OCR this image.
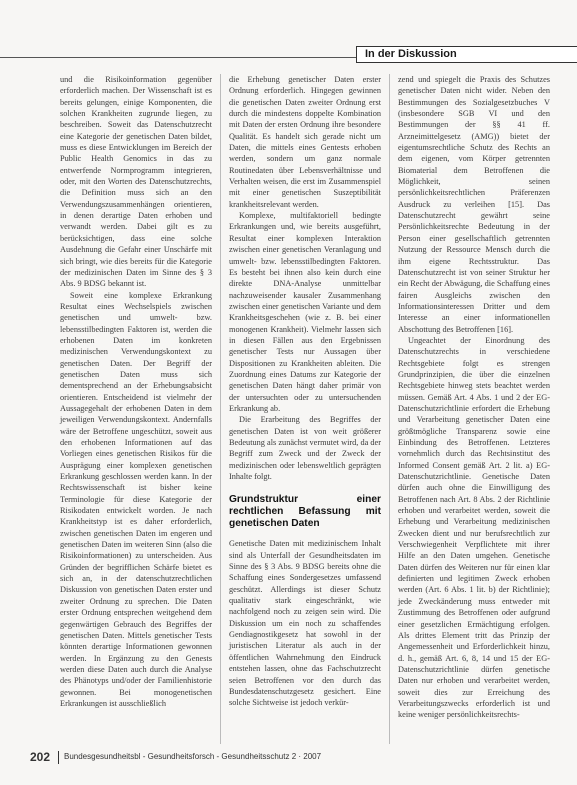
In der Diskussion

und die Risikoinformation gegenüber erforderlich machen. Der Wissenschaft ist es bereits gelungen, einige Komponenten, die solchen Krankheiten zugrunde liegen, zu beschreiben. Soweit das Datenschutzrecht eine Kategorie der genetischen Daten bildet, muss es diese Entwicklungen im Bereich der Public Health Genomics in das zu entwerfende Normprogramm integrieren, oder, mit den Worten des Datenschutzrechts, die Definition muss sich an den Verwendungszusammenhängen orientieren, in denen derartige Daten erhoben und verwandt werden. Dabei gilt es zu berücksichtigen, dass eine solche Ausdehnung die Gefahr einer Unschärfe mit sich bringt, wie dies bereits für die Kategorie der medizinischen Daten im Sinne des § 3 Abs. 9 BDSG bekannt ist.

Soweit eine komplexe Erkrankung Resultat eines Wechselspiels zwischen genetischen und umwelt- bzw. lebensstilbedingten Faktoren ist, werden die erhobenen Daten im konkreten medizinischen Verwendungskontext zu genetischen Daten. Der Begriff der genetischen Daten muss sich dementsprechend an der Erhebungsabsicht orientieren. Entscheidend ist vielmehr der Aussagegehalt der erhobenen Daten in dem jeweiligen Verwendungskontext. Andernfalls wäre der Betroffene ungeschützt, soweit aus den erhobenen Informationen auf das Vorliegen eines genetischen Risikos für die Ausprägung einer komplexen genetischen Erkrankung geschlossen werden kann. In der Rechtswissenschaft ist bisher keine Terminologie für diese Kategorie der Risikodaten entwickelt worden. Je nach Krankheitstyp ist es daher erforderlich, zwischen genetischen Daten im engeren und genetischen Daten im weiteren Sinn (also die Risikoinformationen) zu unterscheiden. Aus Gründen der begrifflichen Schärfe bietet es sich an, in der datenschutzrechtlichen Diskussion von genetischen Daten erster und zweiter Ordnung zu sprechen. Die Daten erster Ordnung entsprechen weitgehend dem gegenwärtigen Gebrauch des Begriffes der genetischen Daten. Mittels genetischer Tests könnten derartige Informationen gewonnen werden. In Ergänzung zu den Genests werden diese Daten auch durch die Analyse des Phänotyps und/oder der Familienhistorie gewonnen. Bei monogenetischen Erkrankungen ist ausschließlich

die Erhebung genetischer Daten erster Ordnung erforderlich. Hingegen gewinnen die genetischen Daten zweiter Ordnung erst durch die mindestens doppelte Kombination mit Daten der ersten Ordnung ihre besondere Qualität. Es handelt sich gerade nicht um Daten, die mittels eines Gentests erhoben werden, sondern um ganz normale Routinedaten über Lebensverhältnisse und Verhalten weisen, die erst im Zusammenspiel mit einer genetischen Suszeptibilität krankheitsrelevant werden.

Komplexe, multifaktoriell bedingte Erkrankungen und, wie bereits ausgeführt, Resultat einer komplexen Interaktion zwischen einer genetischen Veranlagung und umwelt- bzw. lebensstilbedingten Faktoren. Es besteht bei ihnen also kein durch eine direkte DNA-Analyse unmittelbar nachzuweisender kausaler Zusammenhang zwischen einer genetischen Variante und dem Krankheitsgeschehen (wie z. B. bei einer monogenen Krankheit). Vielmehr lassen sich in diesen Fällen aus den Ergebnissen genetischer Tests nur Aussagen über Dispositionen zu Krankheiten ableiten. Die Zuordnung eines Datums zur Kategorie der genetischen Daten hängt daher primär von der untersuchten oder zu untersuchenden Erkrankung ab.

Die Erarbeitung des Begriffes der genetischen Daten ist von weit größerer Bedeutung als zunächst vermutet wird, da der Begriff zum Zweck und der Zweck der medizinischen oder lebensweltlich geprägten Inhalte folgt.

Grundstruktur einer rechtlichen Befassung mit genetischen Daten

Genetische Daten mit medizinischem Inhalt sind als Unterfall der Gesundheitsdaten im Sinne des § 3 Abs. 9 BDSG bereits ohne die Schaffung eines Sondergesetzes umfassend geschützt. Allerdings ist dieser Schutz qualitativ stark eingeschränkt, wie nachfolgend noch zu zeigen sein wird. Die Diskussion um ein noch zu schaffendes Gendiagnostikgesetz hat sowohl in der juristischen Literatur als auch in der öffentlichen Wahrnehmung den Eindruck entstehen lassen, ohne das Fachschutzrecht seien Betroffenen vor den durch das Bundesdatenschutzgesetz gesichert. Eine solche Sichtweise ist jedoch verkür-

zend und spiegelt die Praxis des Schutzes genetischer Daten nicht wider. Neben den Bestimmungen des Sozialgesetzbuches V (insbesondere SGB VI und den Bestimmungen der §§ 41 ff. Arzneimittelgesetz (AMG)) bietet der eigentumsrechtliche Schutz des Rechts an dem eigenen, vom Körper getrennten Biomaterial dem Betroffenen die Möglichkeit, seinen persönlichkeitsrechtlichen Präferenzen Ausdruck zu verleihen [15]. Das Datenschutzrecht gewährt seine Persönlichkeitsrechte Bedeutung in der Person einer gesellschaftlich getrennten Nutzung der Ressource Mensch durch die ihm eigene Rechtsstruktur. Das Datenschutzrecht ist von seiner Struktur her ein Recht der Abwägung, die Schaffung eines fairen Ausgleichs zwischen den Informationsinteressen Dritter und dem Interesse an einer informationellen Abschottung des Betroffenen [16].

Ungeachtet der Einordnung des Datenschutzrechts in verschiedene Rechtsgebiete folgt es strengen Grundprinzipien, die über die einzelnen Rechtsgebiete hinweg stets beachtet werden müssen. Gemäß Art. 4 Abs. 1 und 2 der EG-Datenschutzrichtlinie erfordert die Erhebung und Verarbeitung genetischer Daten eine größtmögliche Transparenz sowie eine Einbindung des Betroffenen. Letzteres vornehmlich durch das Rechtsinstitut des Informed Consent gemäß Art. 2 lit. a) EG-Datenschutzrichtlinie. Genetische Daten dürfen auch ohne die Einwilligung des Betroffenen nach Art. 8 Abs. 2 der Richtlinie erhoben und verarbeitet werden, soweit die Erhebung und Verarbeitung medizinischen Zwecken dient und nur berufsrechtlich zur Verschwiegenheit Verpflichtete mit ihrer Hilfe an den Daten umgehen. Genetische Daten dürfen des Weiteren nur für einen klar definierten und legitimen Zweck erhoben werden (Art. 6 Abs. 1 lit. b) der Richtlinie); jede Zweckänderung muss entweder mit Zustimmung des Betroffenen oder aufgrund einer gesetzlichen Ermächtigung erfolgen. Als drittes Element tritt das Prinzip der Angemessenheit und Erforderlichkeit hinzu, d. h., gemäß Art. 6, 8, 14 und 15 der EG-Datenschutzrichtlinie dürfen genetische Daten nur erhoben und verarbeitet werden, soweit dies zur Erreichung des Verarbeitungszwecks erforderlich ist und keine weniger persönlichkeitsrechts-

202 Bundesgesundheitsbl - Gesundheitsforsch - Gesundheitsschutz 2 · 2007
